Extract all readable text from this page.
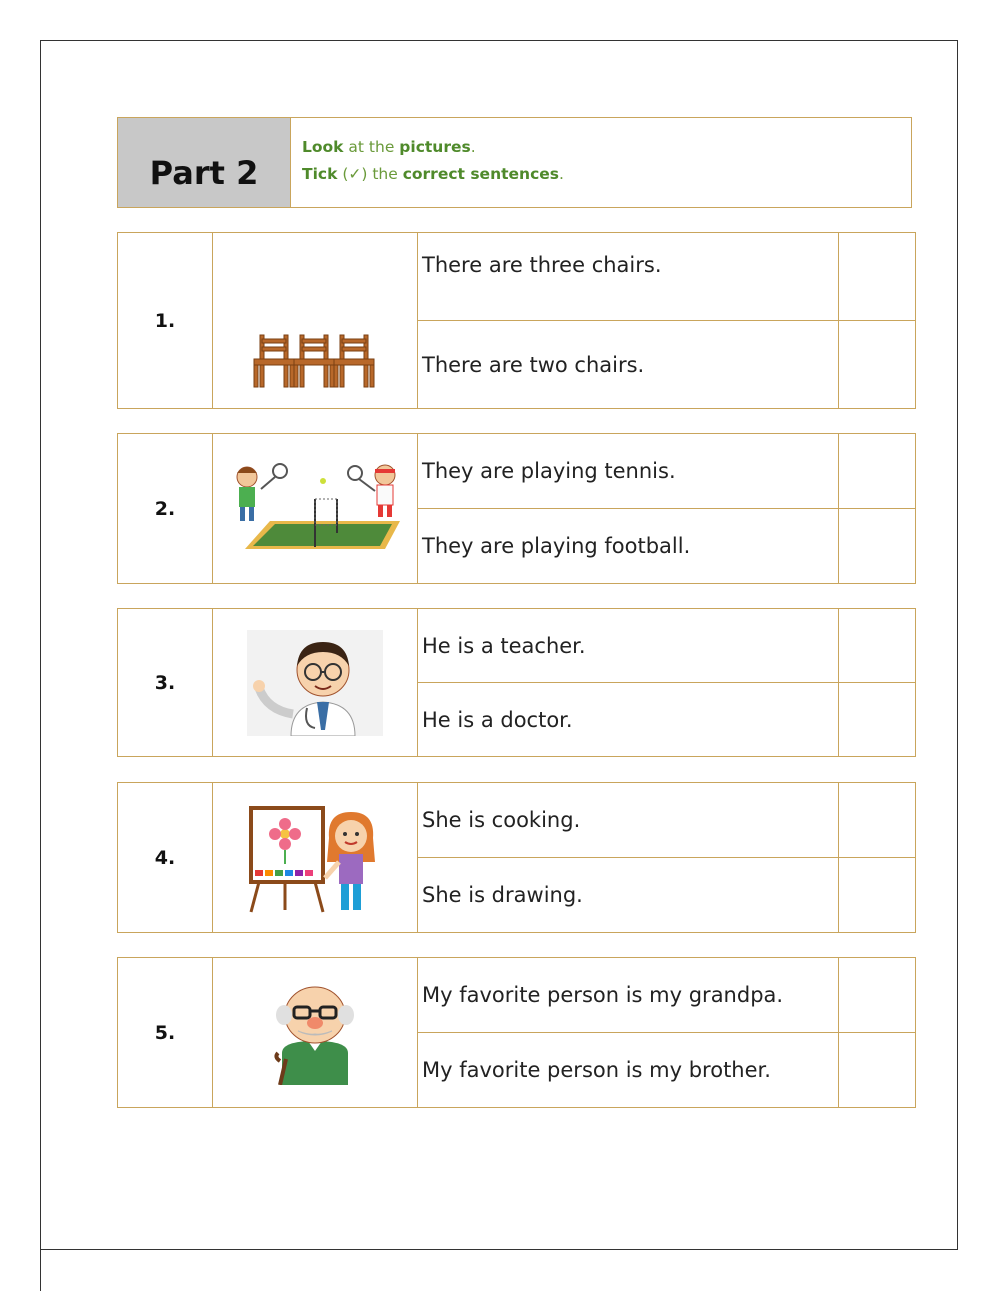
Part 2
Look at the pictures.
Tick (✓) the correct sentences.
1.		There are three chairs.	
		There are two chairs.	
2.		They are playing tennis.	
		They are playing football.	
3.		He is a teacher.	
		He is a doctor.	
4.		She is cooking.	
		She is drawing.	
5.		My favorite person is my grandpa.	
		My favorite person is my brother.	
